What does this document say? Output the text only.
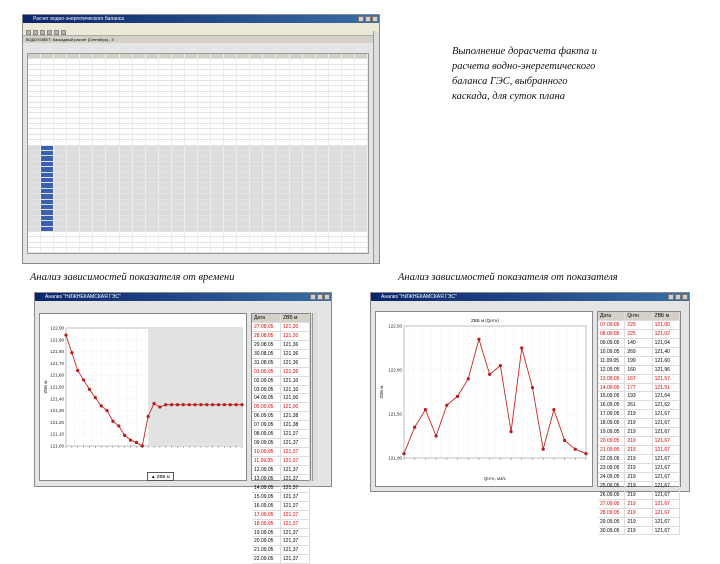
Расчет водно-энергетического баланса
ВОДОХОВЕТ: Каскадный расчет [Сентябрь] - II
Выполнение дорасчета факта и
расчета водно-энергетического
баланса ГЭС, выбранного
каскада, для суток плана
Анализ зависимостей показателя от времени	Анализ зависимостей показателя от показателя
Анализ "НИЖНЕКАМСКАЯ ГЭС"
122,00
121,90
121,80
121,70
121,60
121,50
121,40
121,30
121,20
121,10
121,00
ZВБ м
Дата	ZВБ м
27.08.05	121,20
28.08.05	121,20
29.08.05	121,36
30.08.05	121,36
31.08.05	121,36
01.09.05	121,36
02.09.05	121,10
03.09.05	121,10
04.09.05	121,00
05.09.05	121,00
06.09.05	121,38
07.09.05	121,38
08.09.05	121,37
09.09.05	121,37
10.09.05	121,37
11.09.05	121,37
12.09.05	121,37
13.09.05	121,37
14.09.05	121,37
15.09.05	121,37
16.09.05	121,37
17.09.05	121,37
18.09.05	121,37
19.09.05	121,37
20.09.05	121,37
21.09.05	121,37
22.09.05	121,37
▲ ZВБ м
Анализ "НИЖНЕКАМСКАЯ ГЭС"
122,50
122,00
121,50
121,00
ZВБ м
Qнтн, м3/с
ZВБ м (Qнтн)
Дата	Qнтн	ZВБ м
07.09.05	229	121,00
08.09.05	225	121,02
09.09.05	140	121,04
10.09.05	269	121,40
11.09.05	199	121,60
12.09.05	160	121,96
13.09.05	167	121,57
14.09.05	177	121,51
15.09.05	193	121,64
16.09.05	261	121,62
17.09.05	219	121,67
18.09.05	219	121,67
19.09.05	219	121,67
20.09.05	219	121,67
21.09.05	219	121,67
22.09.05	219	121,67
23.09.05	219	121,67
24.09.05	219	121,67
25.09.05	219	121,67
26.09.05	219	121,67
27.09.05	219	121,67
28.09.05	219	121,67
29.09.05	219	121,67
30.09.05	219	121,67
